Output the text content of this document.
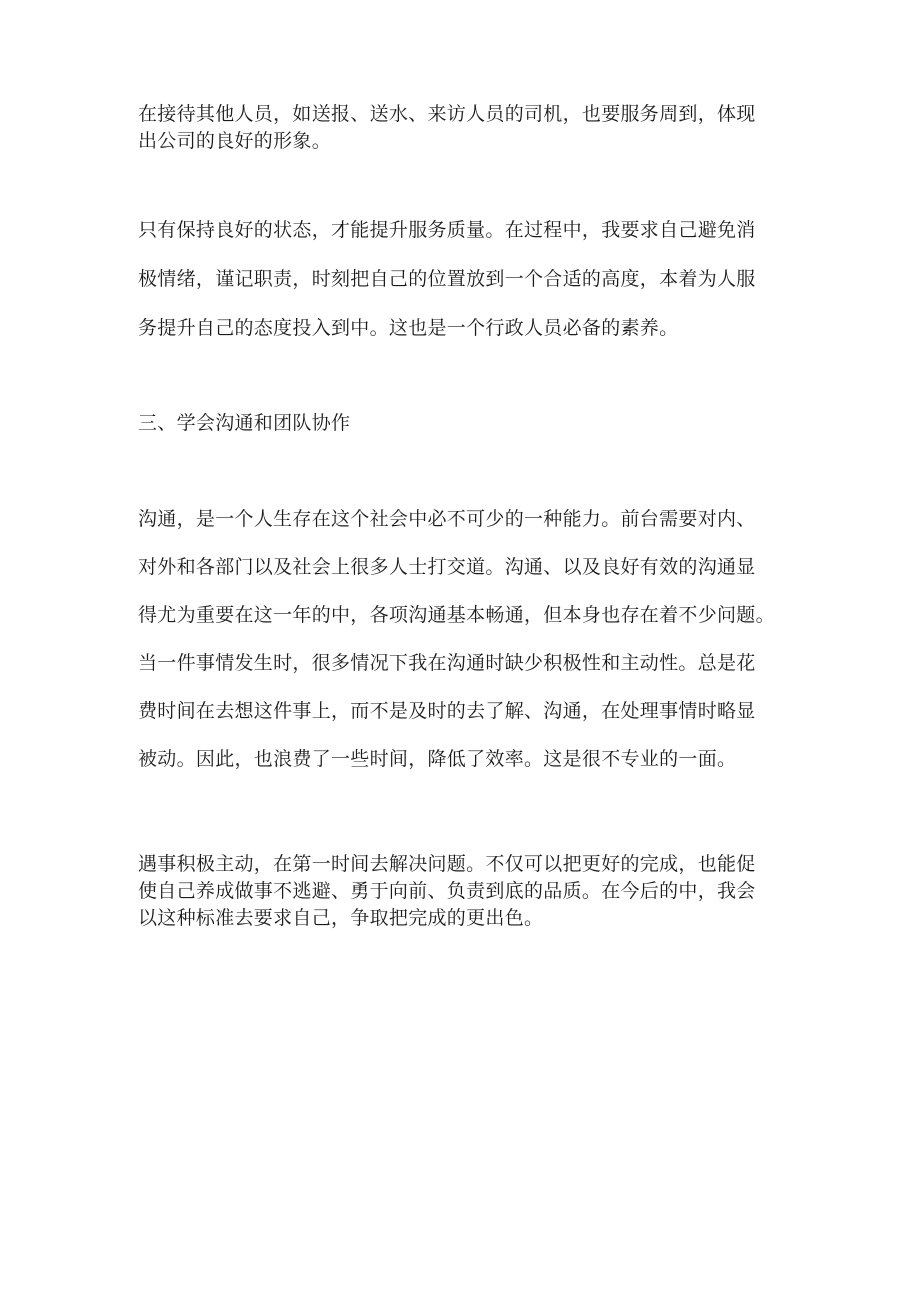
在接待其他人员，如送报、送水、来访人员的司机，也要服务周到，体现
出公司的良好的形象。
只有保持良好的状态，才能提升服务质量。在过程中，我要求自己避免消
极情绪，谨记职责，时刻把自己的位置放到一个合适的高度，本着为人服
务提升自己的态度投入到中。这也是一个行政人员必备的素养。
三、学会沟通和团队协作
沟通，是一个人生存在这个社会中必不可少的一种能力。前台需要对内、
对外和各部门以及社会上很多人士打交道。沟通、以及良好有效的沟通显
得尤为重要在这一年的中，各项沟通基本畅通，但本身也存在着不少问题。
当一件事情发生时，很多情况下我在沟通时缺少积极性和主动性。总是花
费时间在去想这件事上，而不是及时的去了解、沟通，在处理事情时略显
被动。因此，也浪费了一些时间，降低了效率。这是很不专业的一面。
遇事积极主动，在第一时间去解决问题。不仅可以把更好的完成，也能促
使自己养成做事不逃避、勇于向前、负责到底的品质。在今后的中，我会
以这种标准去要求自己，争取把完成的更出色。
